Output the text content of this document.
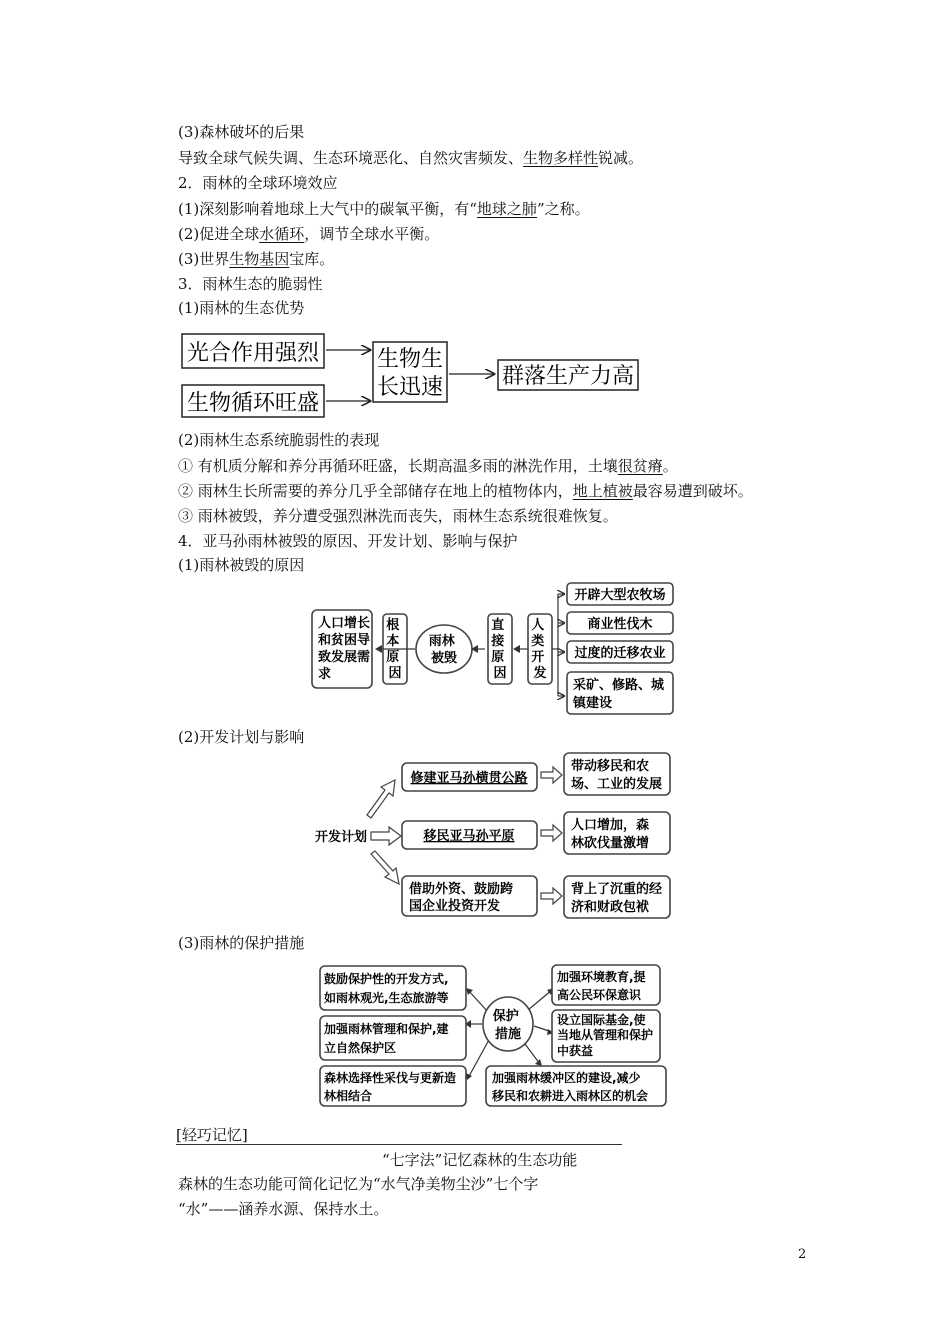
(3)森林破坏的后果
导致全球气候失调、生态环境恶化、自然灾害频发、生物多样性锐减。
2．雨林的全球环境效应
(1)深刻影响着地球上大气中的碳氧平衡，有“地球之肺”之称。
(2)促进全球水循环，调节全球水平衡。
(3)世界生物基因宝库。
3．雨林生态的脆弱性
(1)雨林的生态优势
光合作用强烈
生物循环旺盛
生物生
长迅速	群落生产力高
(2)雨林生态系统脆弱性的表现
① 有机质分解和养分再循环旺盛，长期高温多雨的淋洗作用，土壤很贫瘠。
② 雨林生长所需要的养分几乎全部储存在地上的植物体内，地上植被最容易遭到破坏。
③ 雨林被毁，养分遭受强烈淋洗而丧失，雨林生态系统很难恢复。
4．亚马孙雨林被毁的原因、开发计划、影响与保护
(1)雨林被毁的原因
人口增长 和贫困导 致发展需 求
根 本 原 因
雨林 被毁
直 接 原 因
人 类 开 发
开辟大型农牧场
商业性伐木
过度的迁移农业
采矿、修路、城 镇建设
(2)开发计划与影响
开发计划
修建亚马孙横贯公路
移民亚马孙平原
借助外资、鼓励跨 国企业投资开发
带动移民和农 场、工业的发展
人口增加，森 林砍伐量激增
背上了沉重的经 济和财政包袱
(3)雨林的保护措施
保护 措施
鼓励保护性的开发方式, 如雨林观光,生态旅游等
加强雨林管理和保护,建 立自然保护区
森林选择性采伐与更新造 林相结合
加强环境教育,提 高公民环保意识
设立国际基金,使 当地从管理和保护 中获益
加强雨林缓冲区的建设,减少 移民和农耕进入雨林区的机会
[轻巧记忆]
“七字法”记忆森林的生态功能
森林的生态功能可简化记忆为“水气净美物尘沙”七个字
“水”——涵养水源、保持水土。
2
